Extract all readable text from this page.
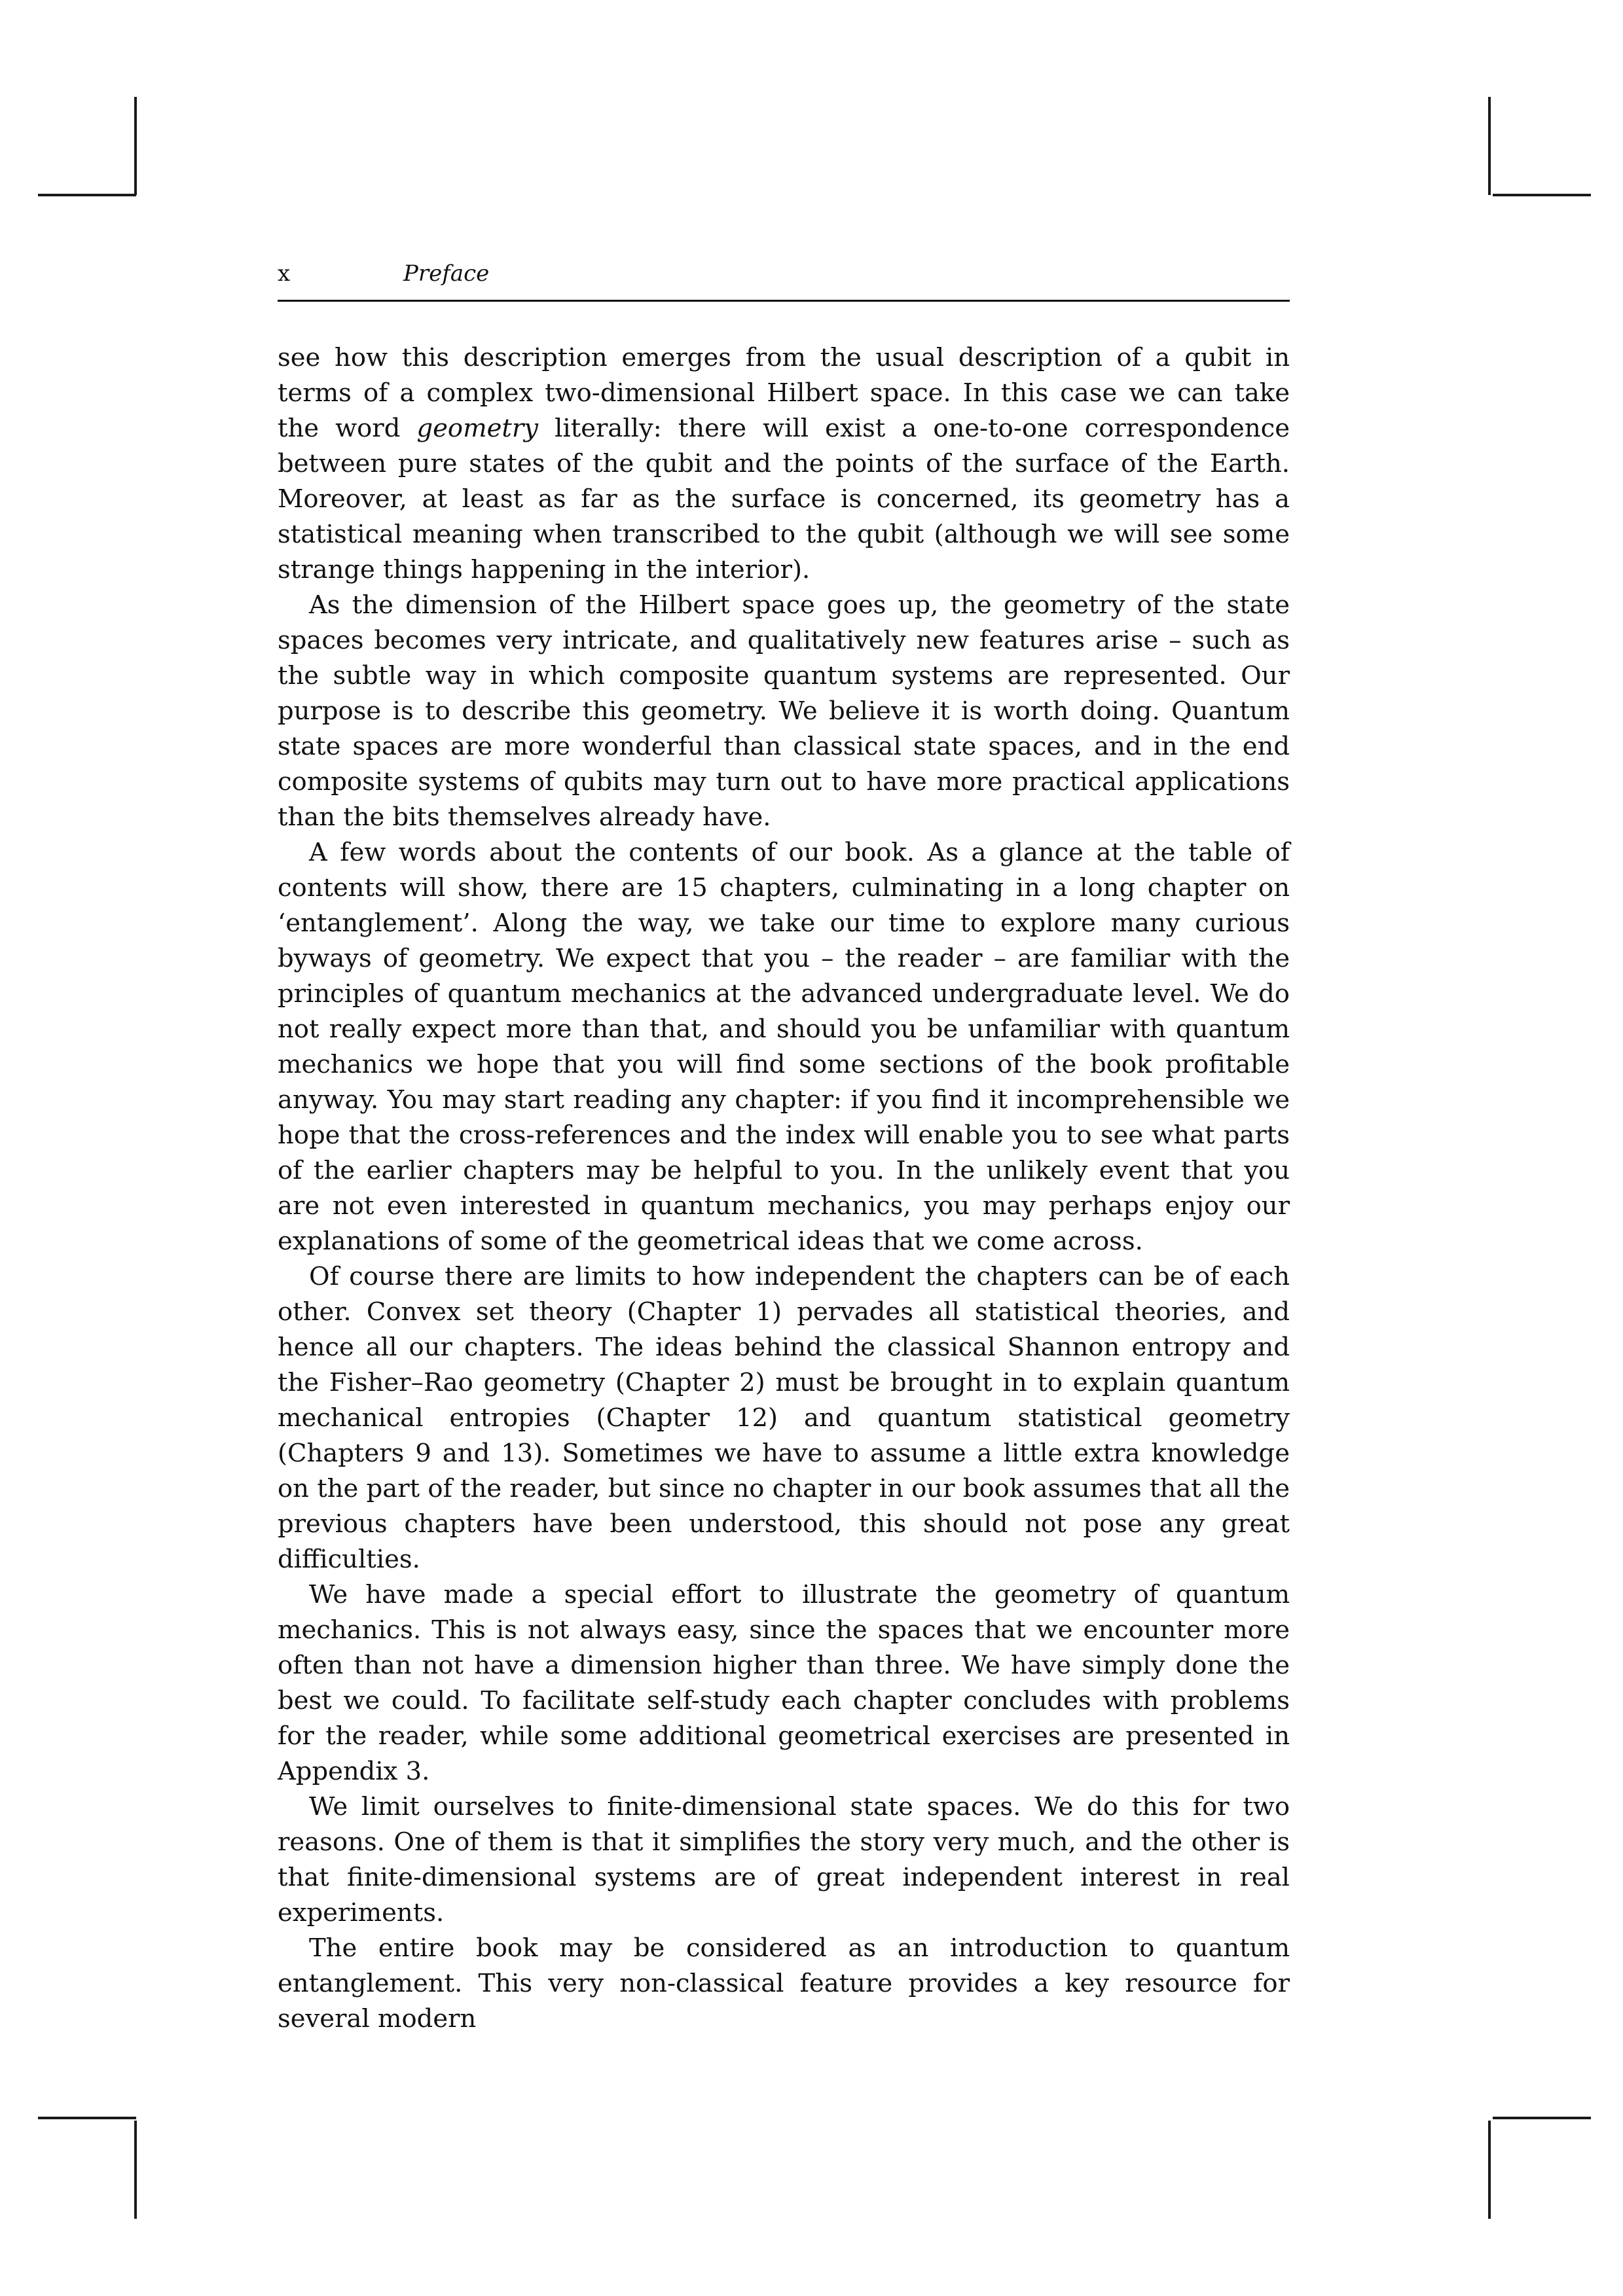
x	Preface

see how this description emerges from the usual description of a qubit in terms of a complex two-dimensional Hilbert space. In this case we can take the word geometry literally: there will exist a one-to-one correspondence between pure states of the qubit and the points of the surface of the Earth. Moreover, at least as far as the surface is concerned, its geometry has a statistical meaning when transcribed to the qubit (although we will see some strange things happening in the interior).

As the dimension of the Hilbert space goes up, the geometry of the state spaces becomes very intricate, and qualitatively new features arise – such as the subtle way in which composite quantum systems are represented. Our purpose is to describe this geometry. We believe it is worth doing. Quantum state spaces are more wonderful than classical state spaces, and in the end composite systems of qubits may turn out to have more practical applications than the bits themselves already have.

A few words about the contents of our book. As a glance at the table of contents will show, there are 15 chapters, culminating in a long chapter on ‘entanglement’. Along the way, we take our time to explore many curious byways of geometry. We expect that you – the reader – are familiar with the principles of quantum mechanics at the advanced undergraduate level. We do not really expect more than that, and should you be unfamiliar with quantum mechanics we hope that you will find some sections of the book profitable anyway. You may start reading any chapter: if you find it incomprehensible we hope that the cross-references and the index will enable you to see what parts of the earlier chapters may be helpful to you. In the unlikely event that you are not even interested in quantum mechanics, you may perhaps enjoy our explanations of some of the geometrical ideas that we come across.

Of course there are limits to how independent the chapters can be of each other. Convex set theory (Chapter 1) pervades all statistical theories, and hence all our chapters. The ideas behind the classical Shannon entropy and the Fisher–Rao geometry (Chapter 2) must be brought in to explain quantum mechanical entropies (Chapter 12) and quantum statistical geometry (Chapters 9 and 13). Sometimes we have to assume a little extra knowledge on the part of the reader, but since no chapter in our book assumes that all the previous chapters have been understood, this should not pose any great difficulties.

We have made a special effort to illustrate the geometry of quantum mechanics. This is not always easy, since the spaces that we encounter more often than not have a dimension higher than three. We have simply done the best we could. To facilitate self-study each chapter concludes with problems for the reader, while some additional geometrical exercises are presented in Appendix 3.

We limit ourselves to finite-dimensional state spaces. We do this for two reasons. One of them is that it simplifies the story very much, and the other is that finite-dimensional systems are of great independent interest in real experiments.

The entire book may be considered as an introduction to quantum entanglement. This very non-classical feature provides a key resource for several modern
